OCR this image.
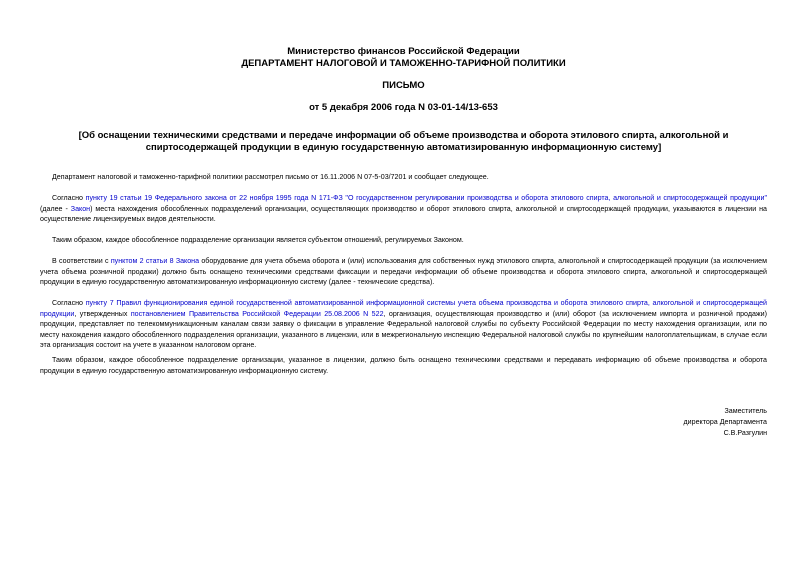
Министерство финансов Российской Федерации
ДЕПАРТАМЕНТ НАЛОГОВОЙ И ТАМОЖЕННО-ТАРИФНОЙ ПОЛИТИКИ
ПИСЬМО
от 5 декабря 2006 года N 03-01-14/13-653
[Об оснащении техническими средствами и передаче информации об объеме производства и оборота этилового спирта, алкогольной и спиртосодержащей продукции в единую государственную автоматизированную информационную систему]
Департамент налоговой и таможенно-тарифной политики рассмотрел письмо от 16.11.2006 N 07-5-03/7201 и сообщает следующее.
Согласно пункту 19 статьи 19 Федерального закона от 22 ноября 1995 года N 171-ФЗ "О государственном регулировании производства и оборота этилового спирта, алкогольной и спиртосодержащей продукции" (далее - Закон) места нахождения обособленных подразделений организации, осуществляющих производство и оборот этилового спирта, алкогольной и спиртосодержащей продукции, указываются в лицензии на осуществление лицензируемых видов деятельности.
Таким образом, каждое обособленное подразделение организации является субъектом отношений, регулируемых Законом.
В соответствии с пунктом 2 статьи 8 Закона оборудование для учета объема оборота и (или) использования для собственных нужд этилового спирта, алкогольной и спиртосодержащей продукции (за исключением учета объема розничной продажи) должно быть оснащено техническими средствами фиксации и передачи информации об объеме производства и оборота этилового спирта, алкогольной и спиртосодержащей продукции в единую государственную автоматизированную информационную систему (далее - технические средства).
Согласно пункту 7 Правил функционирования единой государственной автоматизированной информационной системы учета объема производства и оборота этилового спирта, алкогольной и спиртосодержащей продукции, утвержденных постановлением Правительства Российской Федерации 25.08.2006 N 522, организация, осуществляющая производство и (или) оборот (за исключением импорта и розничной продажи) продукции, представляет по телекоммуникационным каналам связи заявку о фиксации в управление Федеральной налоговой службы по субъекту Российской Федерации по месту нахождения организации, или по месту нахождения каждого обособленного подразделения организации, указанного в лицензии, или в межрегиональную инспекцию Федеральной налоговой службы по крупнейшим налогоплательщикам, в случае если эта организация состоит на учете в указанном налоговом органе.
Таким образом, каждое обособленное подразделение организации, указанное в лицензии, должно быть оснащено техническими средствами и передавать информацию об объеме производства и оборота продукции в единую государственную автоматизированную информационную систему.
Заместитель
директора Департамента
С.В.Разгулин
